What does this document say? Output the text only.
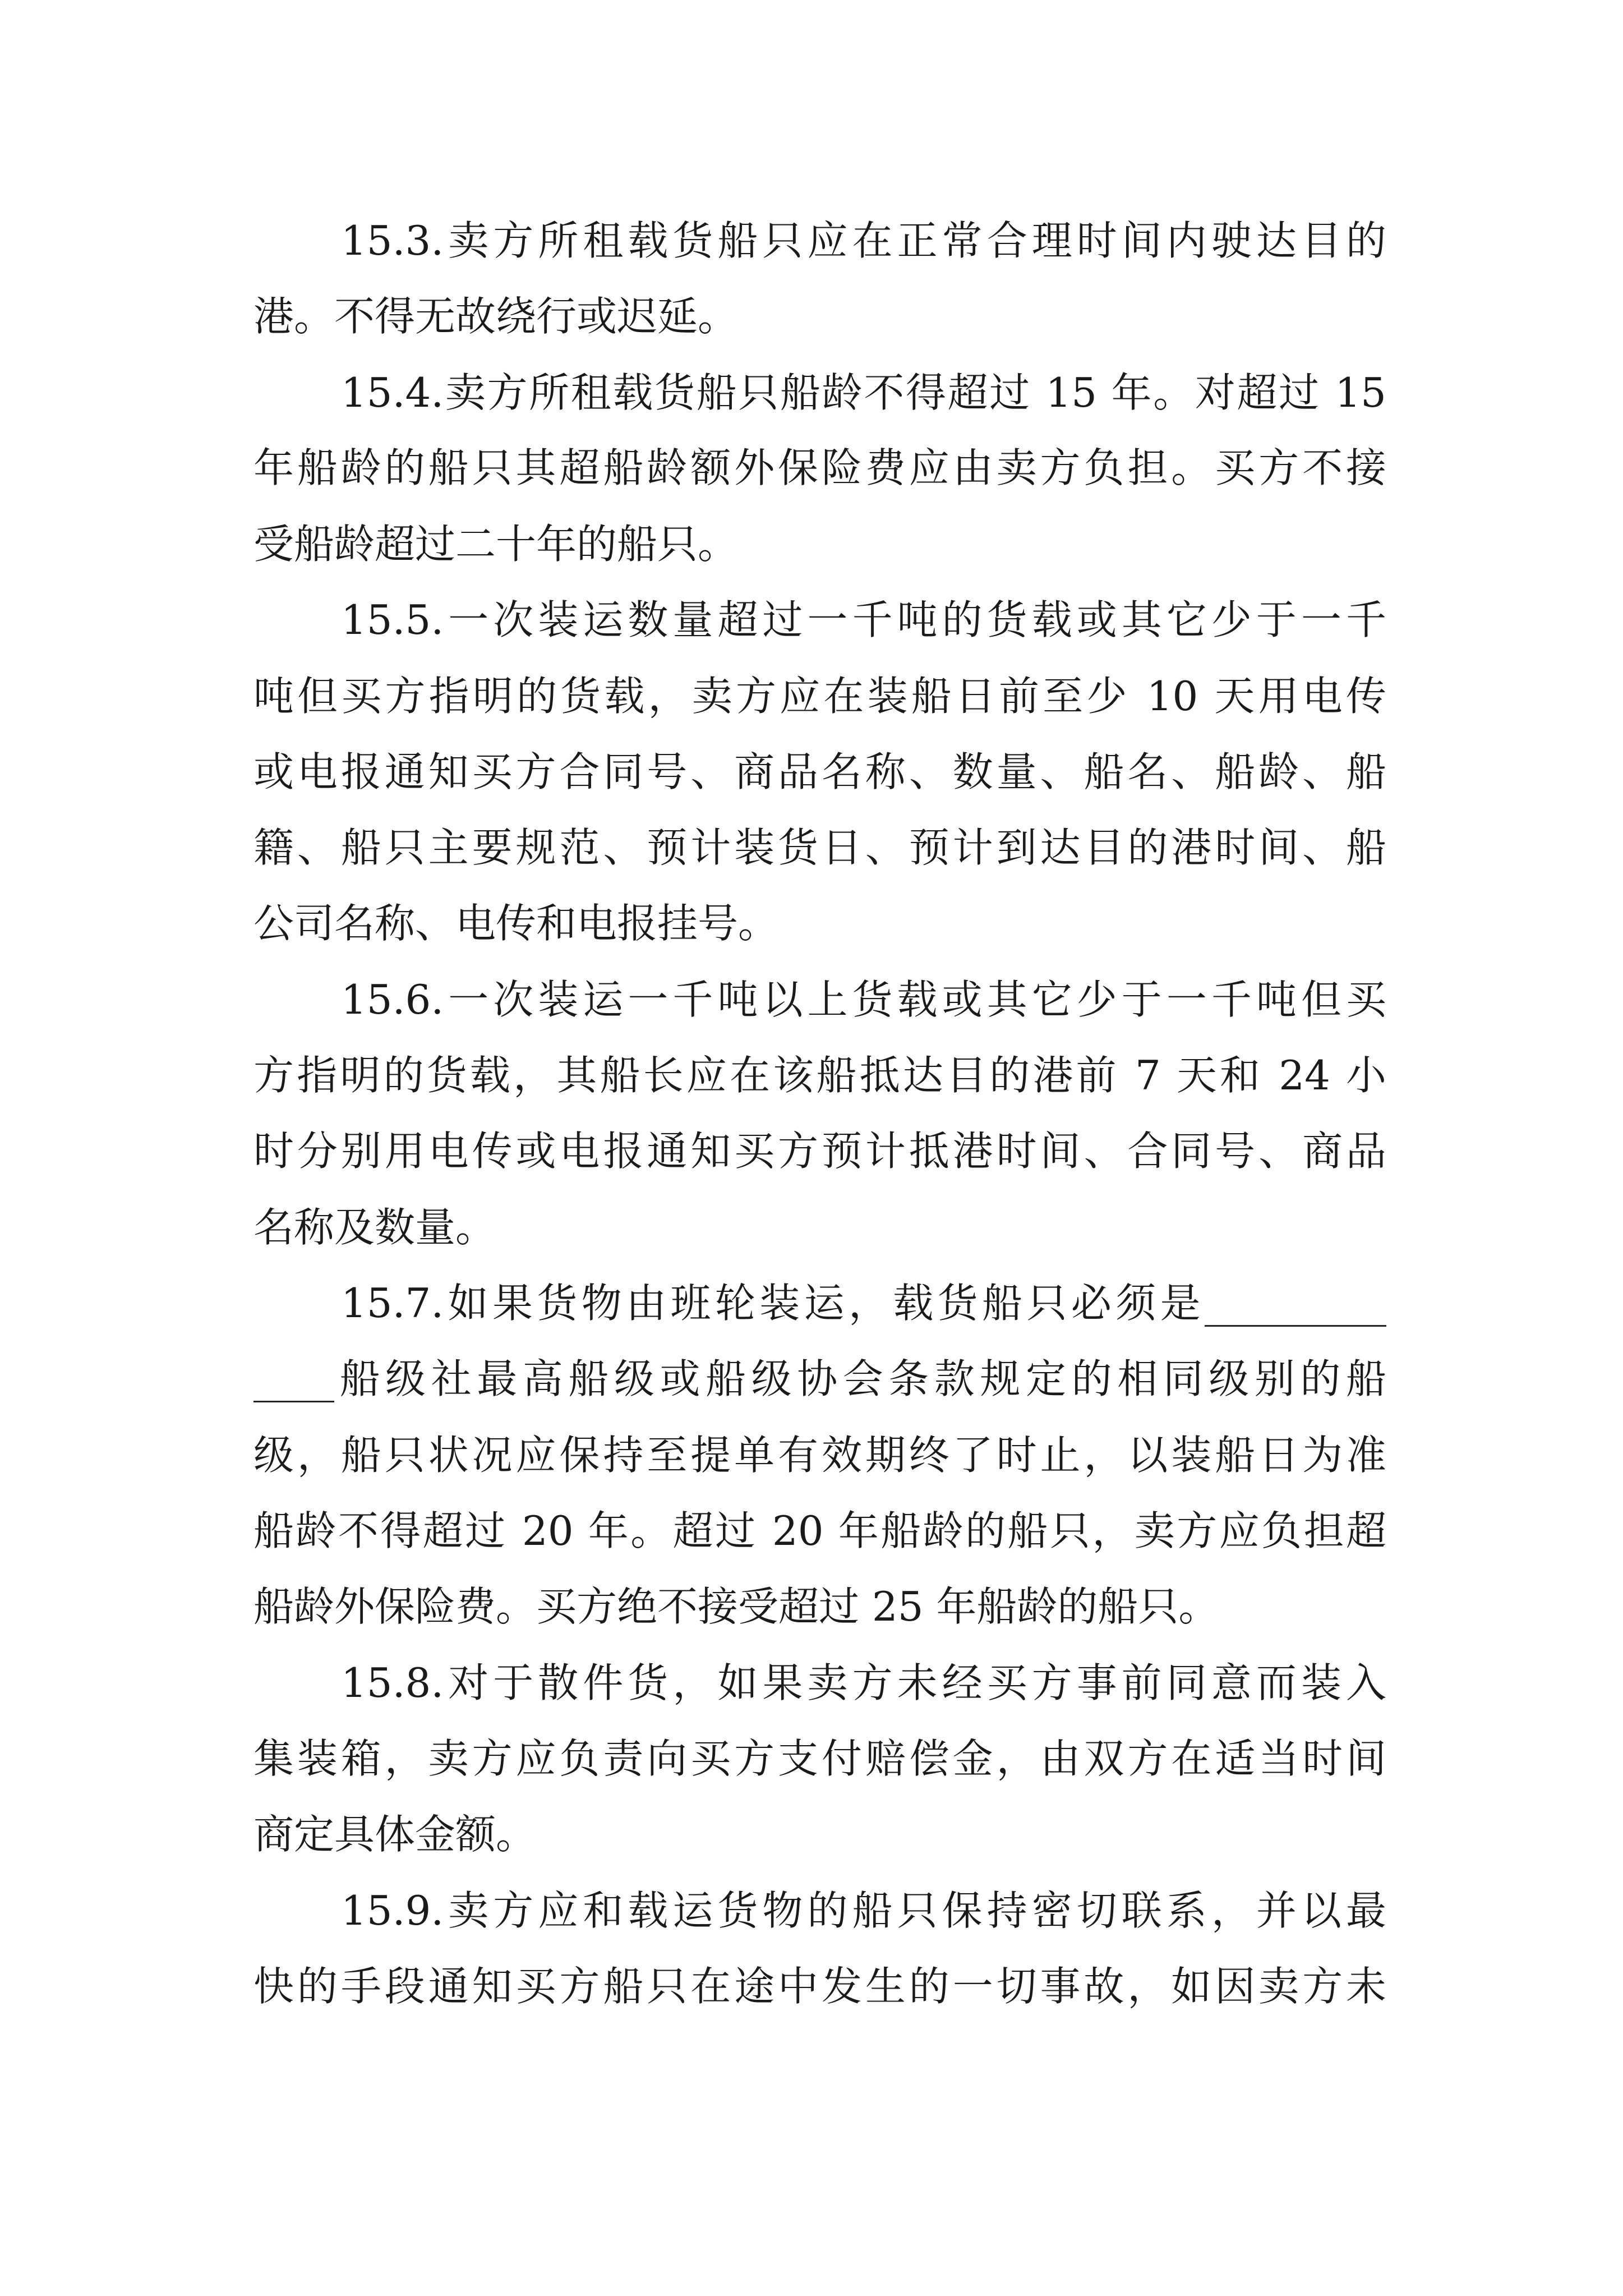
15.3.卖方所租载货船只应在正常合理时间内驶达目的
港。不得无故绕行或迟延。
15.4.卖方所租载货船只船龄不得超过 15 年。对超过 15
年船龄的船只其超船龄额外保险费应由卖方负担。买方不接
受船龄超过二十年的船只。
15.5.一次装运数量超过一千吨的货载或其它少于一千
吨但买方指明的货载，卖方应在装船日前至少 10 天用电传
或电报通知买方合同号、商品名称、数量、船名、船龄、船
籍、船只主要规范、预计装货日、预计到达目的港时间、船
公司名称、电传和电报挂号。
15.6.一次装运一千吨以上货载或其它少于一千吨但买
方指明的货载，其船长应在该船抵达目的港前 7 天和 24 小
时分别用电传或电报通知买方预计抵港时间、合同号、商品
名称及数量。
15.7.如果货物由班轮装运，载货船只必须是_________
____船级社最高船级或船级协会条款规定的相同级别的船
级，船只状况应保持至提单有效期终了时止，以装船日为准
船龄不得超过 20 年。超过 20 年船龄的船只，卖方应负担超
船龄外保险费。买方绝不接受超过 25 年船龄的船只。
15.8.对于散件货，如果卖方未经买方事前同意而装入
集装箱，卖方应负责向买方支付赔偿金，由双方在适当时间
商定具体金额。
15.9.卖方应和载运货物的船只保持密切联系，并以最
快的手段通知买方船只在途中发生的一切事故，如因卖方未
